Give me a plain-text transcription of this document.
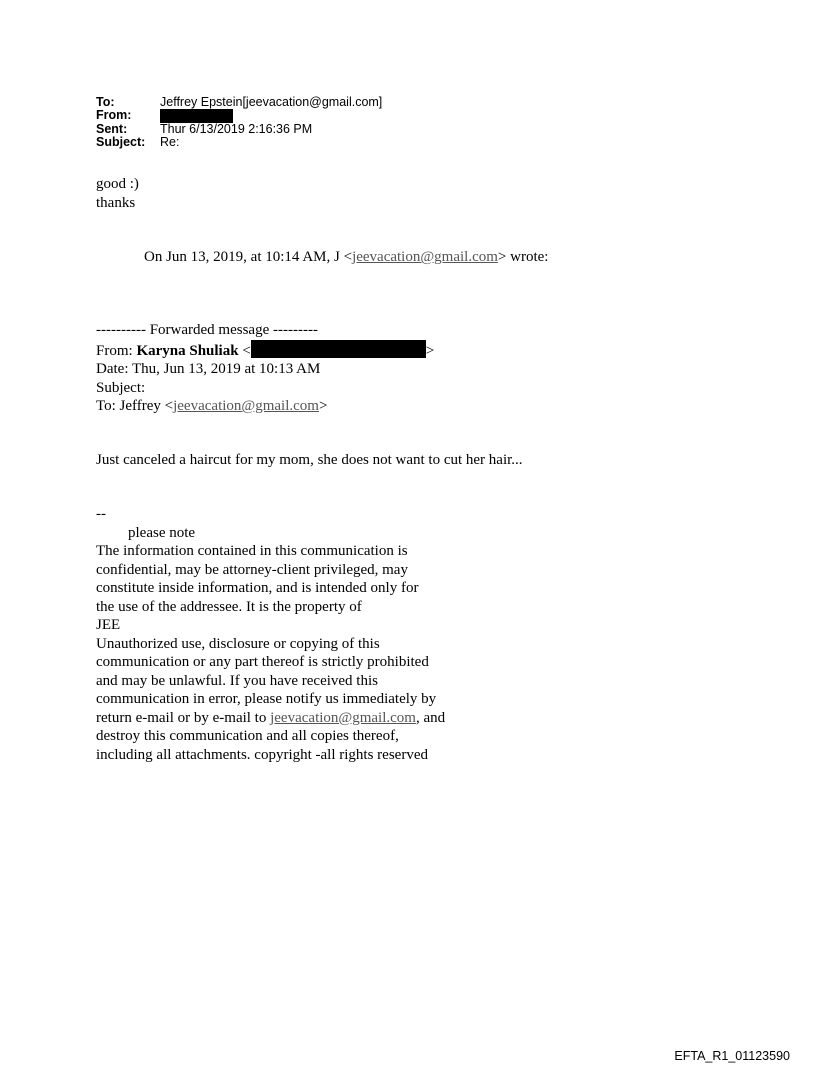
To:	Jeffrey Epstein[jeevacation@gmail.com]
From:
Sent:	Thur 6/13/2019 2:16:36 PM
Subject:	Re:
good :)
thanks
On Jun 13, 2019, at 10:14 AM, J <jeevacation@gmail.com> wrote:
---------- Forwarded message ---------
From: Karyna Shuliak <	>
Date: Thu, Jun 13, 2019 at 10:13 AM
Subject:
To: Jeffrey <jeevacation@gmail.com>
Just canceled a haircut for my mom, she does not want to cut her hair...
--
please note
The information contained in this communication is
confidential, may be attorney-client privileged, may
constitute inside information, and is intended only for
the use of the addressee. It is the property of
JEE
Unauthorized use, disclosure or copying of this
communication or any part thereof is strictly prohibited
and may be unlawful. If you have received this
communication in error, please notify us immediately by
return e-mail or by e-mail to jeevacation@gmail.com, and
destroy this communication and all copies thereof,
including all attachments. copyright -all rights reserved
EFTA_R1_01123590
